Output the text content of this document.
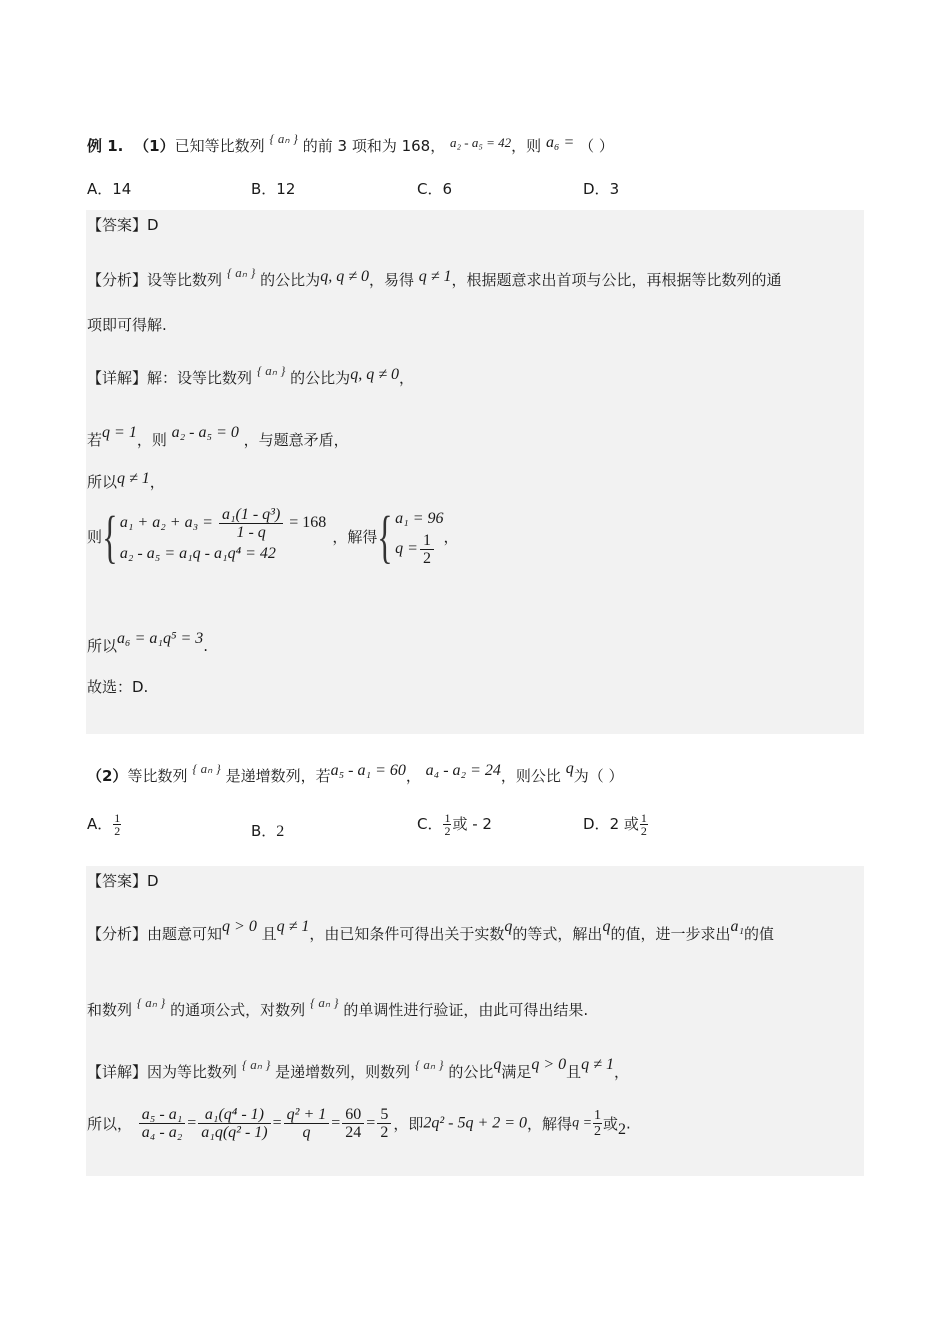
例 1. （1）已知等比数列 { aₙ } 的前 3 项和为 168， a₂ - a₅ = 42，则 a₆ = （ ）
A．14	B．12	C．6	D．3
【答案】D
【分析】设等比数列 { aₙ } 的公比为q, q ≠ 0，易得 q ≠ 1，根据题意求出首项与公比，再根据等比数列的通
项即可得解.
【详解】解：设等比数列 { aₙ } 的公比为q, q ≠ 0，
若q = 1，则 a₂ - a₅ = 0 ，与题意矛盾，
所以q ≠ 1，
则{ $a_1 + a_2 + a_3 = \frac{\text{a₁(1 - q³)}}{1 - q} = 168$
a₂ - a₅ = a₁q - a₁q⁴ = 42
，解得{ a₁ = 96
$q = \frac{1}{2}$ ，
所以a₆ = a₁q⁵ = 3.
故选：D.
（2）等比数列 { aₙ } 是递增数列，若a₅ - a₁ = 60， a₄ - a₂ = 24，则公比 q为（ ）
A． $\frac{1}{2}$	B．2	C． $\frac{1}{2}$ 或 - 2	D．2 或 $\frac{1}{2}$
【答案】D
【分析】由题意可知q > 0 且q ≠ 1，由已知条件可得出关于实数q的等式，解出q的值，进一步求出a₁的值
和数列 { aₙ } 的通项公式，对数列 { aₙ } 的单调性进行验证，由此可得出结果.
【详解】因为等比数列 { aₙ } 是递增数列，则数列 { aₙ } 的公比q满足q > 0且q ≠ 1，
所以， $\frac{\text{a₅ - a₁}}{\text{a₄ - a₂}} = \frac{\text{a₁(q⁴ - 1)}}{\text{a₁q(q² - 1)}} = \frac{\text{q² + 1}}{q} = \frac{60}{24} = \frac{5}{2}$ ，即2q² - 5q + 2 = 0，解得$q = \frac{1}{2}$ 或2.
